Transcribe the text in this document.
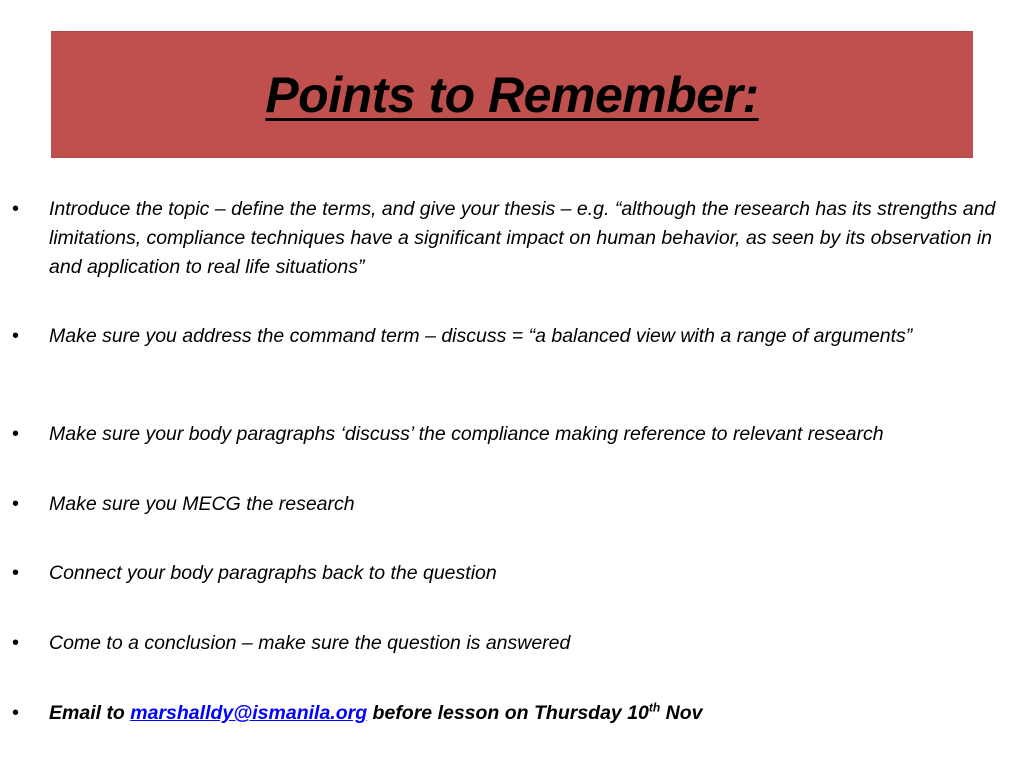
Points to Remember:
• Introduce the topic – define the terms, and give your thesis – e.g. “although the research has its strengths and limitations, compliance techniques have a significant impact on human behavior, as seen by its observation in and application to real life situations”
• Make sure you address the command term – discuss = “a balanced view with a range of arguments”
• Make sure your body paragraphs ‘discuss’ the compliance making reference to relevant research
• Make sure you MECG the research
• Connect your body paragraphs back to the question
• Come to a conclusion – make sure the question is answered
• Email to marshalldy@ismanila.org before lesson on Thursday 10th Nov
